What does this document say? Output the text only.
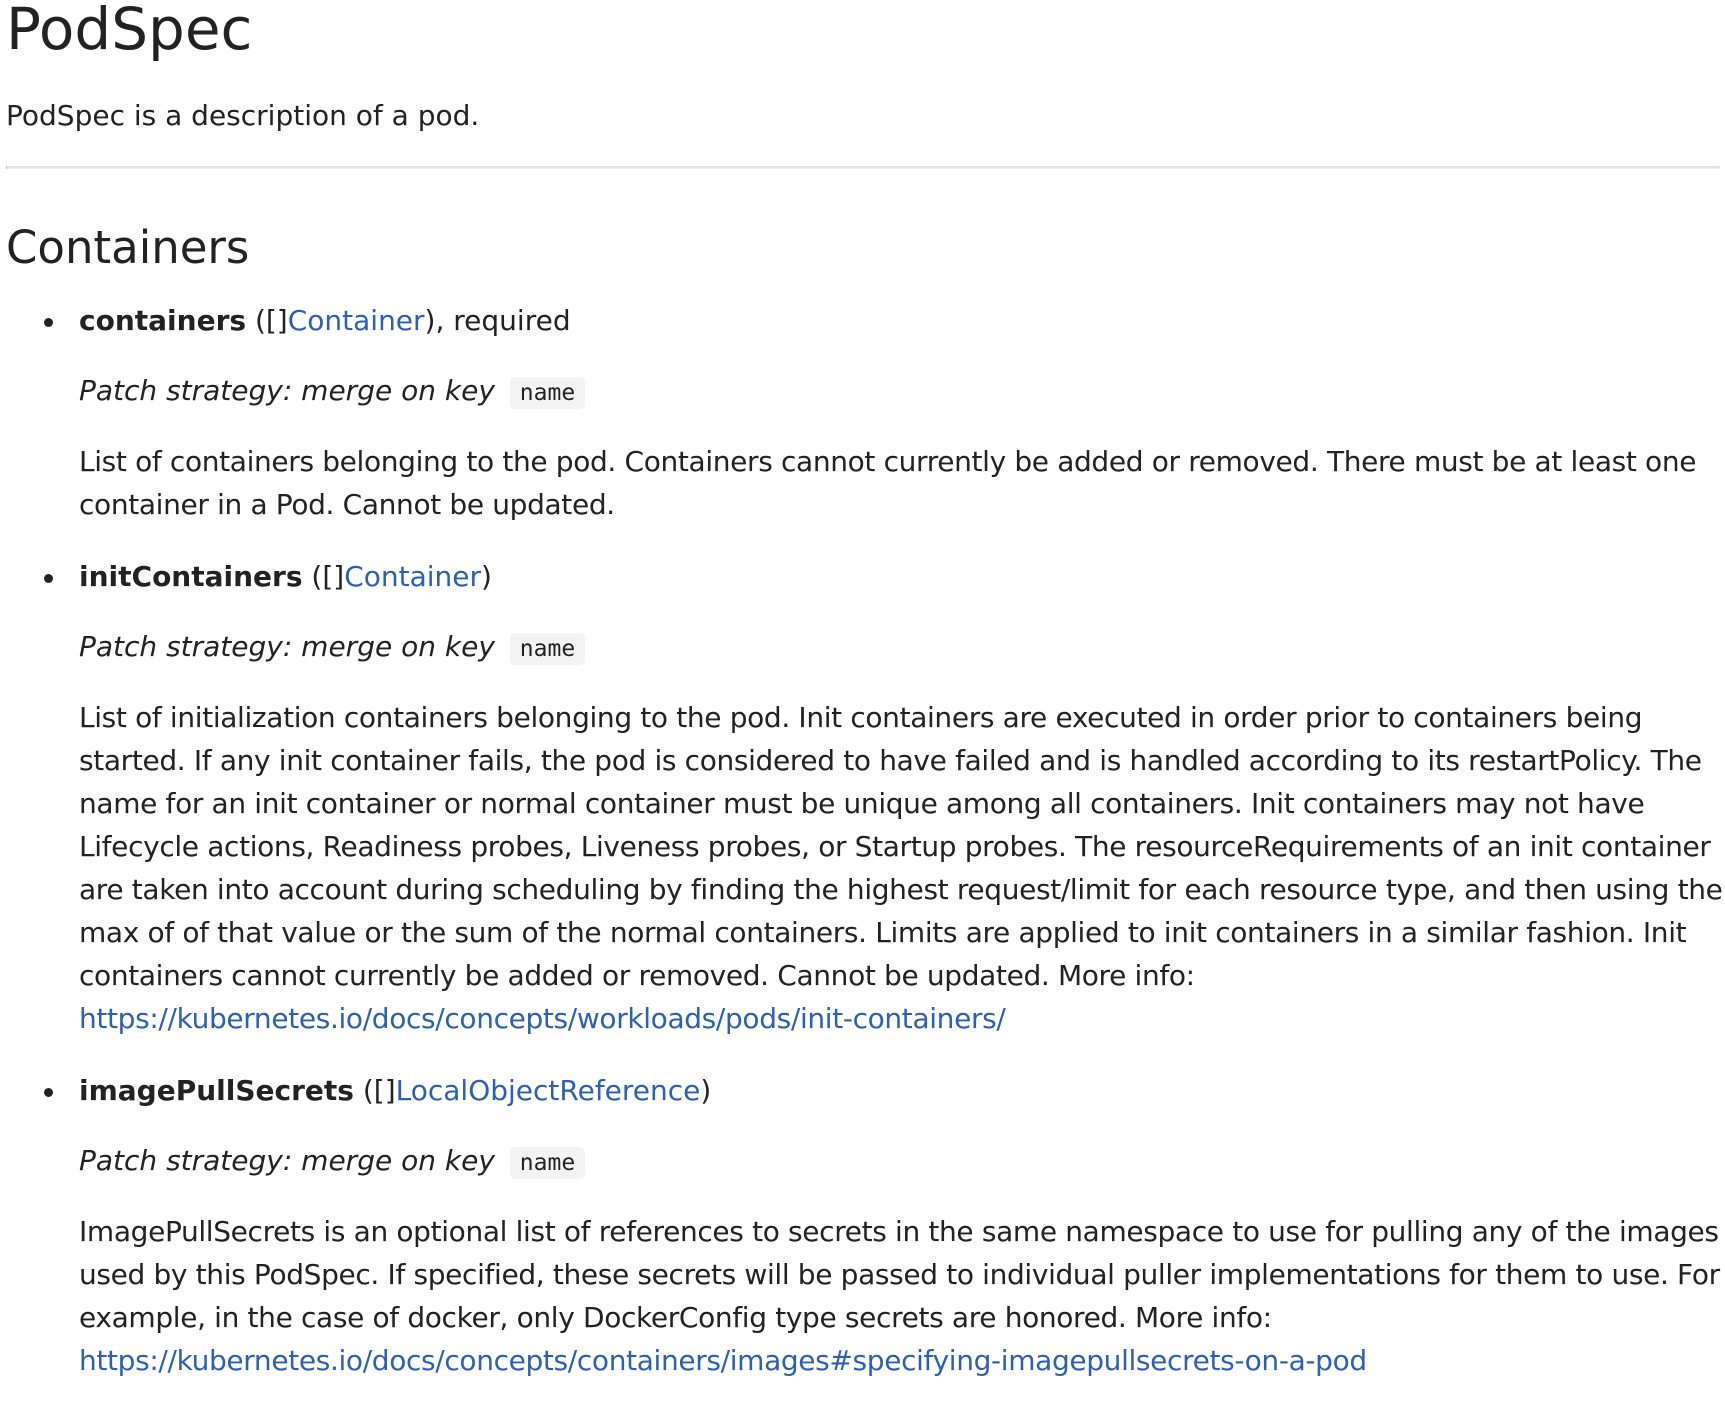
PodSpec

PodSpec is a description of a pod.

Containers

containers ([]Container), required

Patch strategy: merge on key name

List of containers belonging to the pod. Containers cannot currently be added or removed. There must be at least one container in a Pod. Cannot be updated.

initContainers ([]Container)

Patch strategy: merge on key name

List of initialization containers belonging to the pod. Init containers are executed in order prior to containers being started. If any init container fails, the pod is considered to have failed and is handled according to its restartPolicy. The name for an init container or normal container must be unique among all containers. Init containers may not have Lifecycle actions, Readiness probes, Liveness probes, or Startup probes. The resourceRequirements of an init container are taken into account during scheduling by finding the highest request/limit for each resource type, and then using the max of of that value or the sum of the normal containers. Limits are applied to init containers in a similar fashion. Init containers cannot currently be added or removed. Cannot be updated. More info:
https://kubernetes.io/docs/concepts/workloads/pods/init-containers/

imagePullSecrets ([]LocalObjectReference)

Patch strategy: merge on key name

ImagePullSecrets is an optional list of references to secrets in the same namespace to use for pulling any of the images used by this PodSpec. If specified, these secrets will be passed to individual puller implementations for them to use. For example, in the case of docker, only DockerConfig type secrets are honored. More info:
https://kubernetes.io/docs/concepts/containers/images#specifying-imagepullsecrets-on-a-pod
